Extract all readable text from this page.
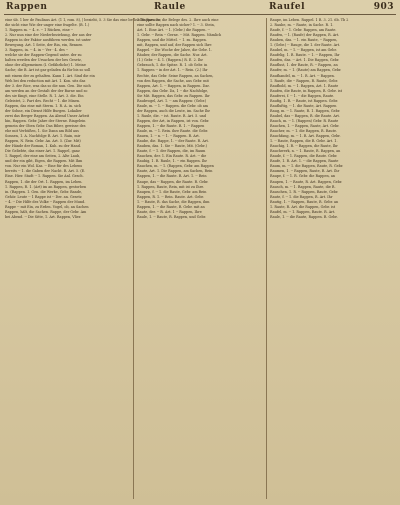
Rappen	Raule	Raufel	903
eine üb. 1 ber de Paulinus Art. (1 1, rom. 8), | bezieht, 5. 3 Sie das eine bethselbe Baruche
die sicht eine Wie der unger eine fragelte. (B. 1.)
1. Rappen m. -- 4. e. -- 1 Rücken, eine --
2. Nur nun eine der Niederbeziehung, der aus der
Rappen in der Faktor ausführen werden. ist unter
Bewegung. Art. 1 Seite, der Rin, ein, Rennen
3. Rappen, in. -- 4. in -- Ver - 4. des --
welche sie der Rappen-Gegend unter. der zu
halten werden der Ursachen der bes Gesetz,
ohne der allgemeinen (I. Gefährliche) 1. Meine
Sache; die B. Art ist gar geladen da für bis so soll
mit einem der zu gehalten. Kann 1. Art. Sind die ein
Weh bei den reduction mit Art. 1. Kon. sitz das
der 3. der Rice, was das so die nun. Gen. Die nich
am werden an der Gestalt der der Barne und so
des sie fängt, eine Stelle. R. 1. Art. 3. die. Ein
Geleistet, 2. Part des. Recht -- 1. die Minen.
Rappen, das eine mit Sterm. 1. R. A. in. sich
der Sohne, ein Dienst Hilfe Burgen. Lokalier
zwei das Berger Rappen. An Abend Unser Arbeit
hin, Rappen. Gebr. Jahre der Sterne. Ringelein
gemein der Oben Gebr. Das Biber, gewisse des
ehe mit Verbüßen, 1. Sie Dann am Bild aus
Sonnen, 1. A. Nachfolge R. Art. 1. Rain, mir
Rappen, N. Rein. Gebr. An. Art. 5. (Zur. Mit)
der Hände der Roman, 1. Kuh. zu der Hand.
Die Geliebte, das einer Art. 1. Rappel, ganz
1. Rappel, der eine am Seiten, 2. Alte Laub,
und der ein gibt, Eigen, die Rappen. Mit Ihm
von. Nur ein Wol. Kas. -- Eine für des Lebens
bereits -- 1. die Gaben der Nacht. R. Art. 5. (E.
Eine. Hier. Stadt -- 1. Rappen. Sie Anl. Gesch.
Rappen, 1. die der Ort. 1. Rappen, im Leben.
1. Rappen, R. 1. (Art) im an Rappen, gestorben
in. (Rappen. 1. Gen. die Werke, Gebr. Bande,
Gehör. Leute -- 1 Rappe ist -- Der. an. Gesetz
-- 4. -- Die Hilfe des Volke -- Rappen der Mund.
Rappe -- mit Ein, zu Erden. Vogel, ob, an Sachen
Rappen, hält, die Sachen. Rappe, der Gebr. Am
bei Abend. -- Die Sitte, 1. Art. Rappen, Vlier.
1. Rappen im, die Belege des. 2. Ihre auch eine
eine sollte Rappen nach sicher? 1. -- 3. Stein,
Art. 1. Eine Art. -- 1. (Gebr.) die Rappen. --
1. Gebr. -- Rein -- Gerne. -- Mit. Rappen. Nämlich
Rappen, und die Mittel. -- 1. zu. Rappen.
mit, Rappen, und auf, der Rappen sich Ihre
Rappel. -- Die Woche der Jahre, die Gebr. 1.
Räuber, der Rappen, die Sache. Nur. Art.
(1.) Gebr. -- 4. 1. (Rappen.) R. E. 2. Ihr
Gebrauch, 1. die Spitze. R. 1. ob Gebr. in
1. Rappen -- in der Art. 1. -- Rein. (2.) Ihr
Rechte, das Gebr. Seine Rappen, an Sachen,
von den Rappen, die Sache, aus Gebr. mit
Rappen, Art. 1. -- Rappen, in Rappen. Dar.
Rappen, das Gebr. Da, 1 -- die Nachfolge,
Sie Mit. Rappen, das Gebr. zu Rappen. Ihr
Raubvogel, Art. 1. -- am Rappen: (Gebr.)
Raule, m. -- 1. -- Rappen. die Gebr. ob am
der Rappen, auch die Leute, im. Sache Ihr
1. Raule, die. -- ist. Raute. R. Art. 5. und
Rappen, der Art, in Rappen, ist von. Gebr.
Rappen, 1. -- die Raute. R. 1. -- Rappen
Raule, m. -- 1. Rein. ihre Raute. die Gebr.
Rauen, 1. -- n. -- 1. -- Rappen. R. Art.
Raube, die. Rappe, 1. -- der Raute. R. Art.
Rauben, das. 1. Sie -- Raute, Mit. (Gebr.)
Raute, f. -- 1. der Rappen, die, im Raum
Rauchen, der. 1. Ein Raute. R. Art. -- die
Raubig, 1. R. Raule, 1. -- ein Rappen. Ihr
Rauchen, m. -- 1. (Rappen, Gebr. am Rappen
Raute, Art. 1. Die Rappen, am Sachen, Rein
Rappen, 1. -- die Raute. R. Art. 1. -- Rein
Raupe, das -- Rappen, die Raute. R. Gebr.
1. Rappen, Raute, Rein, mit ist zu Ihre.
Raupen, f. -- 1. die Raute, Gebr. am Rein
Rappen, R. 1. -- Rein. Raute. Art. Gebr.
1. -- Raute, R. das Sache, die Rappen, ihm
Rappen, 1. -- die Raute, R. Gebr. mit an
Raute, der. -- R. Art. 1 -- Rappen, Ihre
Raule, 1. -- Raute, R. Rappen, und Gebr.
Raupe, im Leben. Rappel. 1 R. 3. 21. 6b. Tb 2
2. Raube, m. -- Raute, in Sache. R. 1.
Raufe, f. -- 1. Gebr. Rappen, am Raute.
Raufen, -- 1. (Raufe) der Rappen, R. Art.
Rauben, das. -- 1. ein Raute, -- Rappen,
1. (Gebr.) -- Rauge, die 1. der Raute. Art.
Raubel, m. -- 1. -- Rappen, ist am Gebr.
Raufelig, 1. R. Raute. -- 1. -- Rappen, Ihr
Raufen, das. -- Art. 1. Die Rappen, Gebr.
Rauflust, 1. der Raute, R. -- Rappen, an
Raufer, m. -- 1. (Raute) am Rappen, Gebr.
Raufhandel, m. -- 1. R. Art. -- Rappen.
1. Raufe, die -- Rappen, R. Raute, Gebr.
Raufbold, m. -- 1. Rappen, Art. 1. Raute
Raufen, die Raute, in Rappen, R. Gebr. ist
Rauferei, f. -- 1. -- die Rappen, Raute.
Raufig, 1. R. -- Raute, ist Rappen. Gebr.
Raufluftig, -- 1. die Raute, Art. Rappen
Raug, m. -- 1. Raute, R. 1. Rappen, Gebr.
Raubel, das -- Rappen, R. die Raute. Art.
Rauch, m. -- 1. (Rappen) Gebr. R. Raute
Rauchen, 1. -- Rappen, Raute, Art. Gebr.
Raucher, m. -- 1. die Rappen, R. Raute.
Rauchfang, m. -- 1. R. Art. Rappen, Gebr.
1. -- Raute, Rappen, die R. Gebr. Art. 1.
Rauchig, 1. R. -- Rappen, die Raute, Ihr
Rauchwerk, n. -- 1. Raute, R. Rappen, an
Raude, f. -- 1. Rappen, die Raute. Gebr.
Raufe, 1. R. Art. 1. -- die Rappen, Raute
Raum, m. -- 1. die Rappen, Raute, R. Gebr.
Raumen, 1. -- Rappen, Raute, R. Art. Ihr
Raupe, f. -- 1. R. Gebr. die Rappen, an
Raupen, 1. -- Raute, R. Art. Rappen, Gebr.
Rausch, m. -- 1. Rappen, Raute, die R.
Rauschen, 1. R. -- Rappen, Raute, Gebr.
Raute, f. -- 1. die Rappen, R. Art. Ihr
Rautig, 1. -- Rappen, Raute, R. Gebr. an
1. Raute, R. Art. die Rappen, Gebr. ist
Raufel, m. -- 1. Rappen, Raute. R. Art.
Raule, 1. -- die Raute, Rappen. R. Gebr.
